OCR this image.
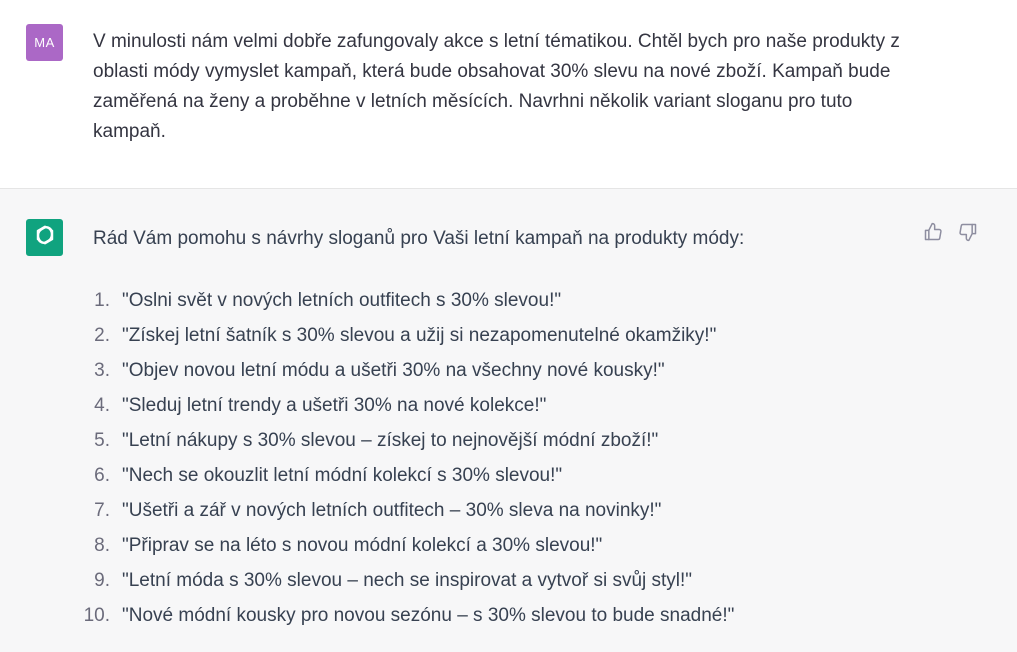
MA	V minulosti nám velmi dobře zafungovaly akce s letní tématikou. Chtěl bych pro naše produkty z oblasti módy vymyslet kampaň, která bude obsahovat 30% slevu na nové zboží. Kampaň bude zaměřená na ženy a proběhne v letních měsících. Navrhni několik variant sloganu pro tuto kampaň.
Rád Vám pomohu s návrhy sloganů pro Vaši letní kampaň na produkty módy:
1. "Oslni svět v nových letních outfitech s 30% slevou!"
2. "Získej letní šatník s 30% slevou a užij si nezapomenutelné okamžiky!"
3. "Objev novou letní módu a ušetři 30% na všechny nové kousky!"
4. "Sleduj letní trendy a ušetři 30% na nové kolekce!"
5. "Letní nákupy s 30% slevou – získej to nejnovější módní zboží!"
6. "Nech se okouzlit letní módní kolekcí s 30% slevou!"
7. "Ušetři a zář v nových letních outfitech – 30% sleva na novinky!"
8. "Připrav se na léto s novou módní kolekcí a 30% slevou!"
9. "Letní móda s 30% slevou – nech se inspirovat a vytvoř si svůj styl!"
10. "Nové módní kousky pro novou sezónu – s 30% slevou to bude snadné!"
